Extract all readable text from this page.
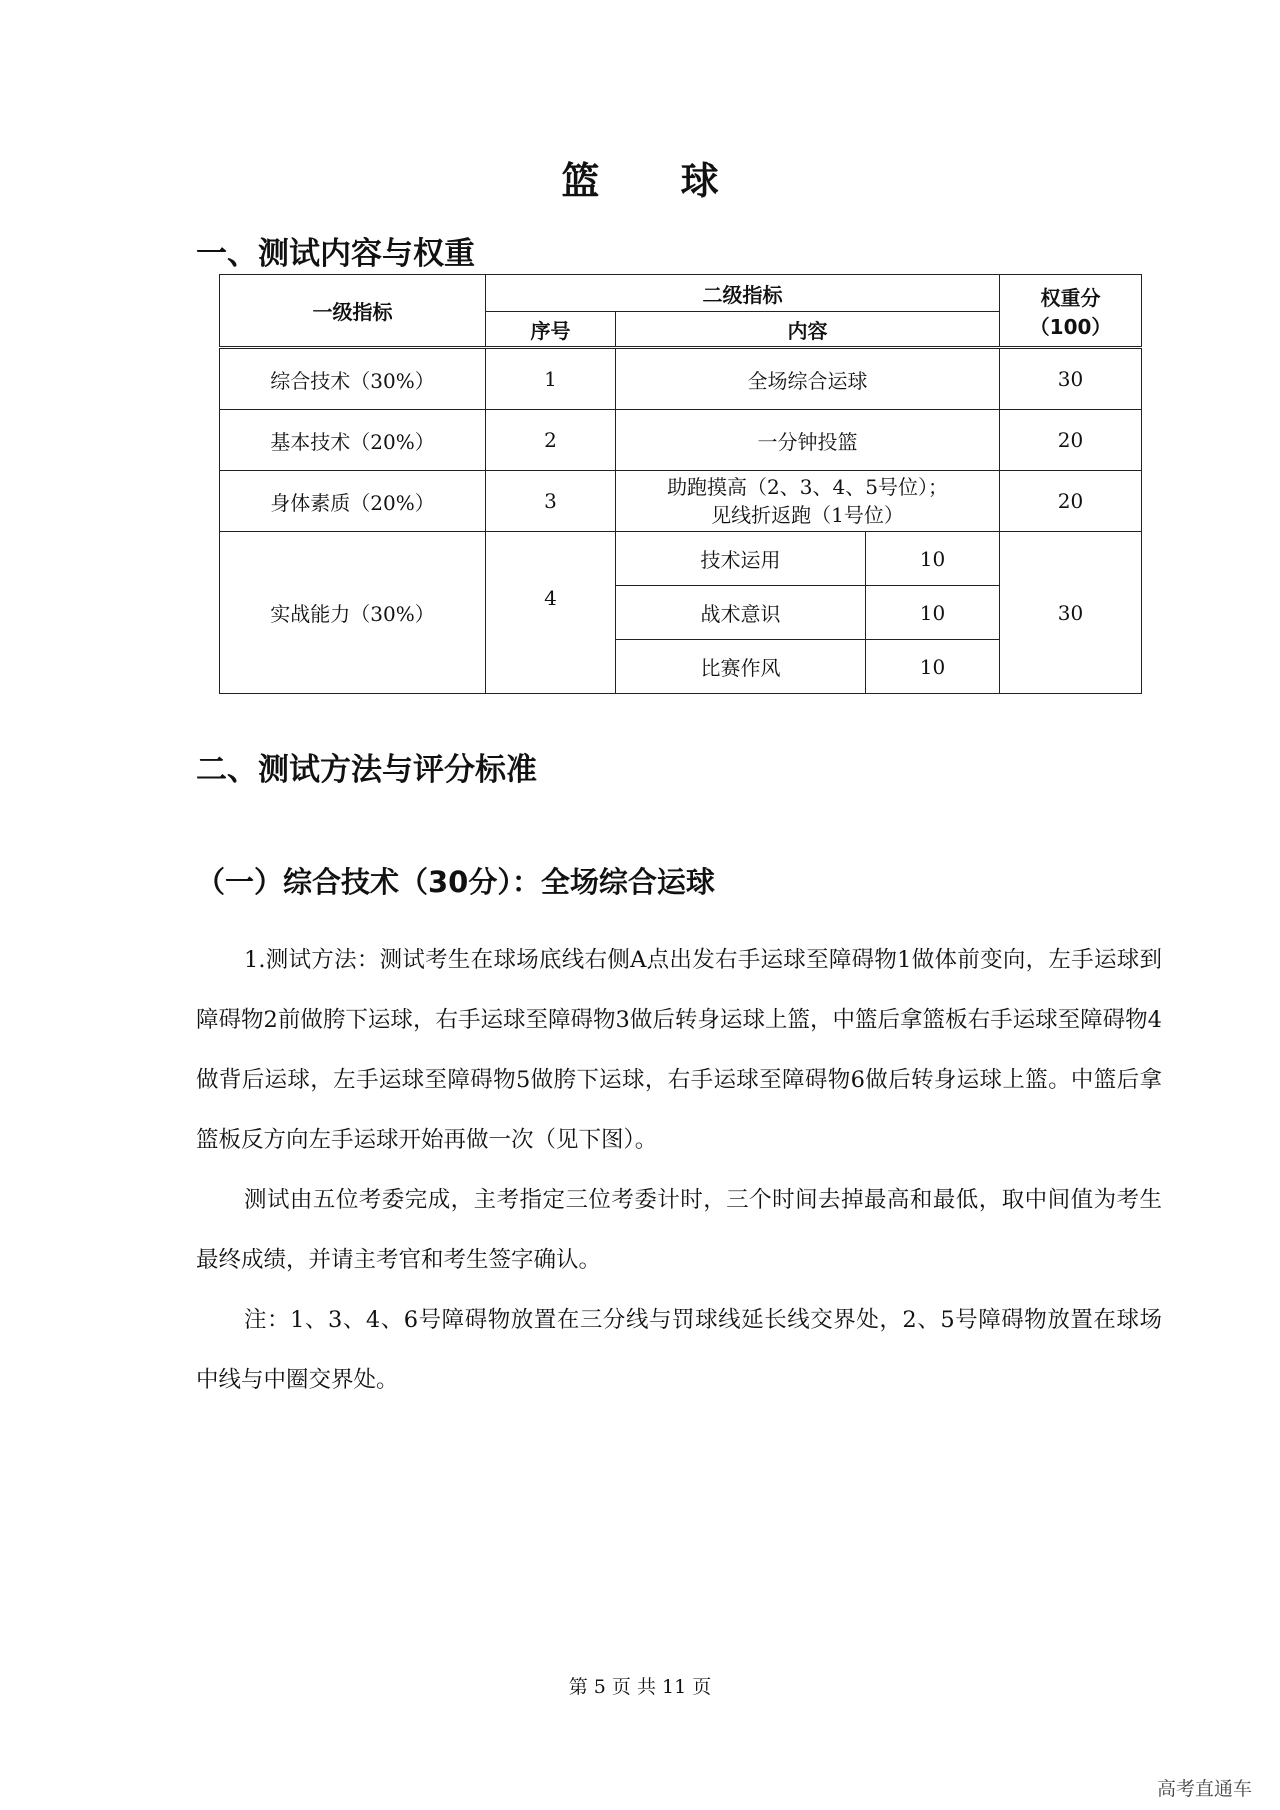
篮 球
一、测试内容与权重
一级指标	二级指标			权重分
（100）

	序号	内容		
综合技术（30%）	1	全场综合运球		30
基本技术（20%）	2	一分钟投篮		20
身体素质（20%）	3	助跑摸高（2、3、4、5号位）；
见线折返跑（1号位）		20
实战能力（30%）	4	技术运用	10	30
		战术意识	10	
		比赛作风	10	
二、测试方法与评分标准
（一）综合技术（30分）：全场综合运球

1.测试方法：测试考生在球场底线右侧A点出发右手运球至障碍物1做体前变向，左手运球到障碍物2前做胯下运球，右手运球至障碍物3做后转身运球上篮，中篮后拿篮板右手运球至障碍物4做背后运球，左手运球至障碍物5做胯下运球，右手运球至障碍物6做后转身运球上篮。中篮后拿篮板反方向左手运球开始再做一次（见下图）。

测试由五位考委完成，主考指定三位考委计时，三个时间去掉最高和最低，取中间值为考生最终成绩，并请主考官和考生签字确认。

注：1、3、4、6号障碍物放置在三分线与罚球线延长线交界处，2、5号障碍物放置在球场中线与中圈交界处。

第 5 页 共 11 页
高考直通车
